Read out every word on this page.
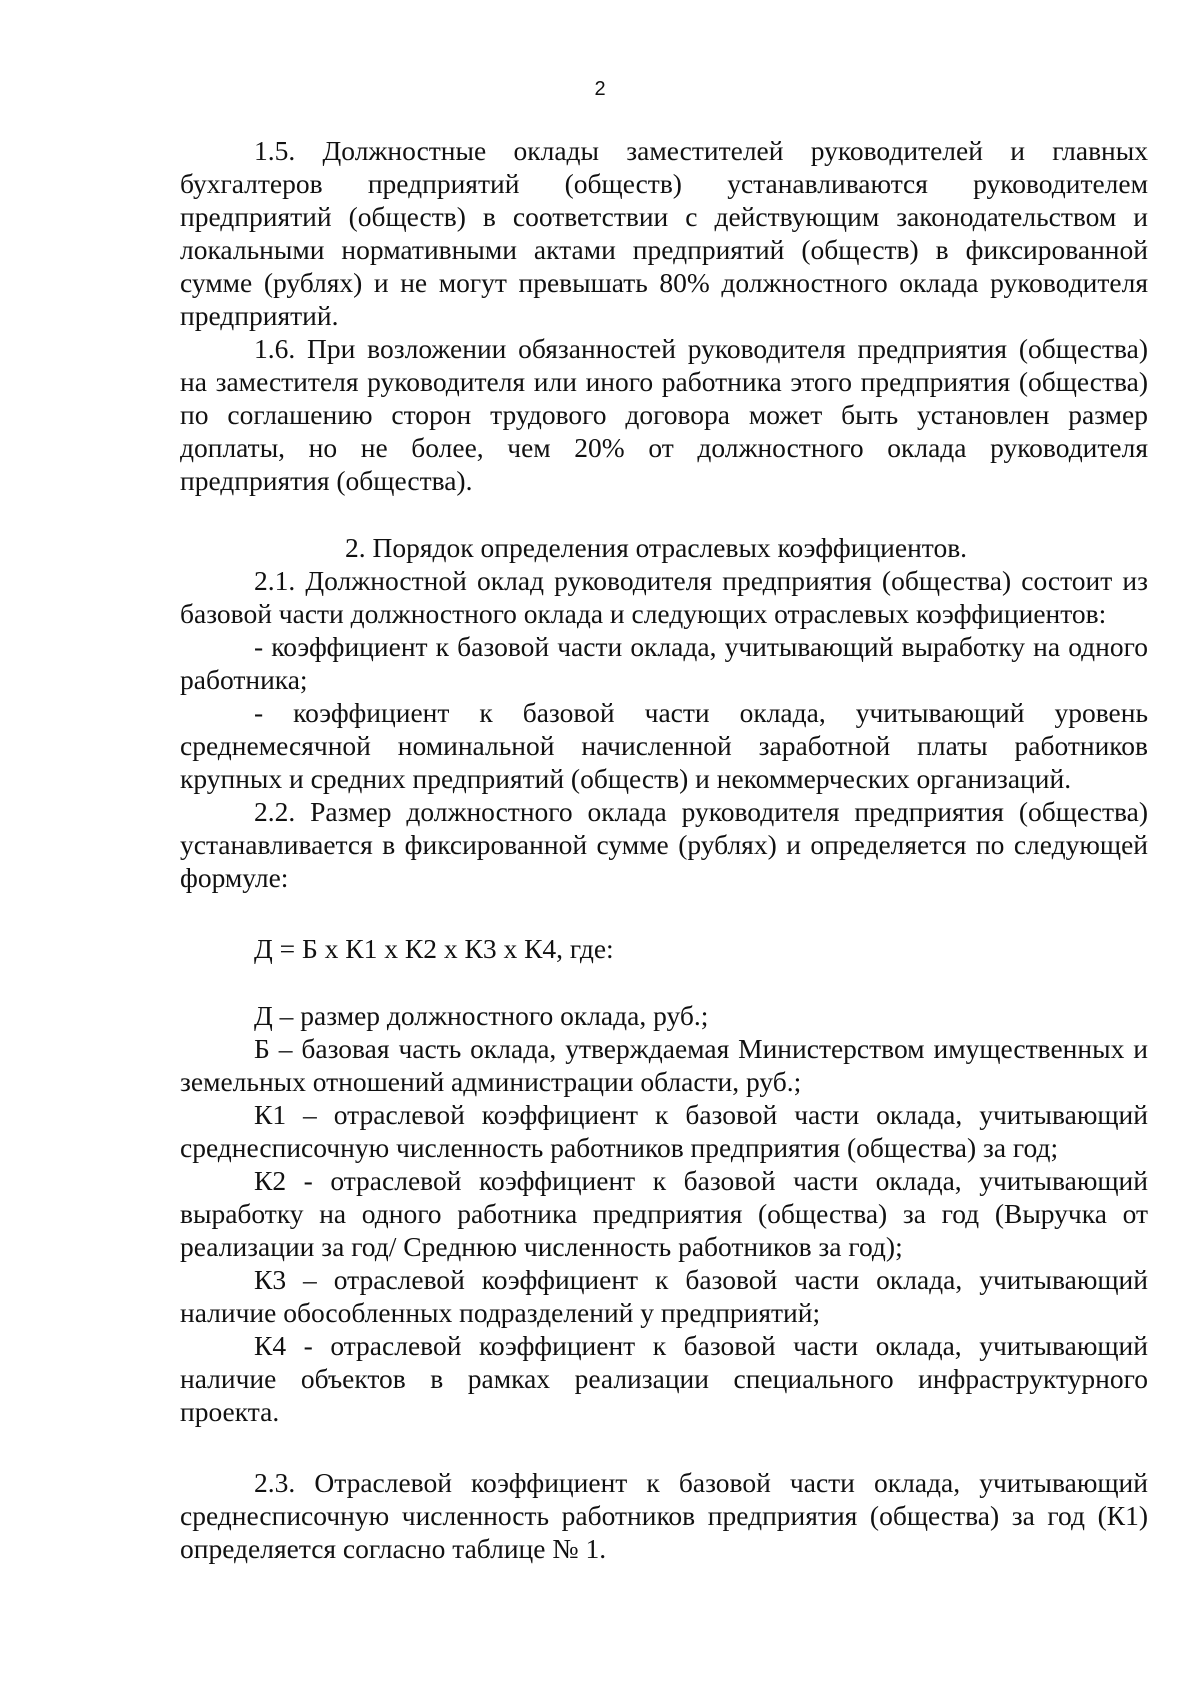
2

1.5. Должностные оклады заместителей руководителей и главных бухгалтеров предприятий (обществ) устанавливаются руководителем предприятий (обществ) в соответствии с действующим законодательством и локальными нормативными актами предприятий (обществ) в фиксированной сумме (рублях) и не могут превышать 80% должностного оклада руководителя предприятий.

1.6. При возложении обязанностей руководителя предприятия (общества) на заместителя руководителя или иного работника этого предприятия (общества) по соглашению сторон трудового договора может быть установлен размер доплаты, но не более, чем 20% от должностного оклада руководителя предприятия (общества).

2. Порядок определения отраслевых коэффициентов.

2.1. Должностной оклад руководителя предприятия (общества) состоит из базовой части должностного оклада и следующих отраслевых коэффициентов:

- коэффициент к базовой части оклада, учитывающий выработку на одного работника;

- коэффициент к базовой части оклада, учитывающий уровень среднемесячной номинальной начисленной заработной платы работников крупных и средних предприятий (обществ) и некоммерческих организаций.

2.2. Размер должностного оклада руководителя предприятия (общества) устанавливается в фиксированной сумме (рублях) и определяется по следующей формуле:

Д = Б х К1 х К2 х К3 х К4, где:

Д – размер должностного оклада, руб.;

Б – базовая часть оклада, утверждаемая Министерством имущественных и земельных отношений администрации области, руб.;

К1 – отраслевой коэффициент к базовой части оклада, учитывающий среднесписочную численность работников предприятия (общества) за год;

К2 - отраслевой коэффициент к базовой части оклада, учитывающий выработку на одного работника предприятия (общества) за год (Выручка от реализации за год/ Среднюю численность работников за год);

К3 – отраслевой коэффициент к базовой части оклада, учитывающий наличие обособленных подразделений у предприятий;

К4 - отраслевой коэффициент к базовой части оклада, учитывающий наличие объектов в рамках реализации специального инфраструктурного проекта.

2.3. Отраслевой коэффициент к базовой части оклада, учитывающий среднесписочную численность работников предприятия (общества) за год (К1) определяется согласно таблице № 1.
